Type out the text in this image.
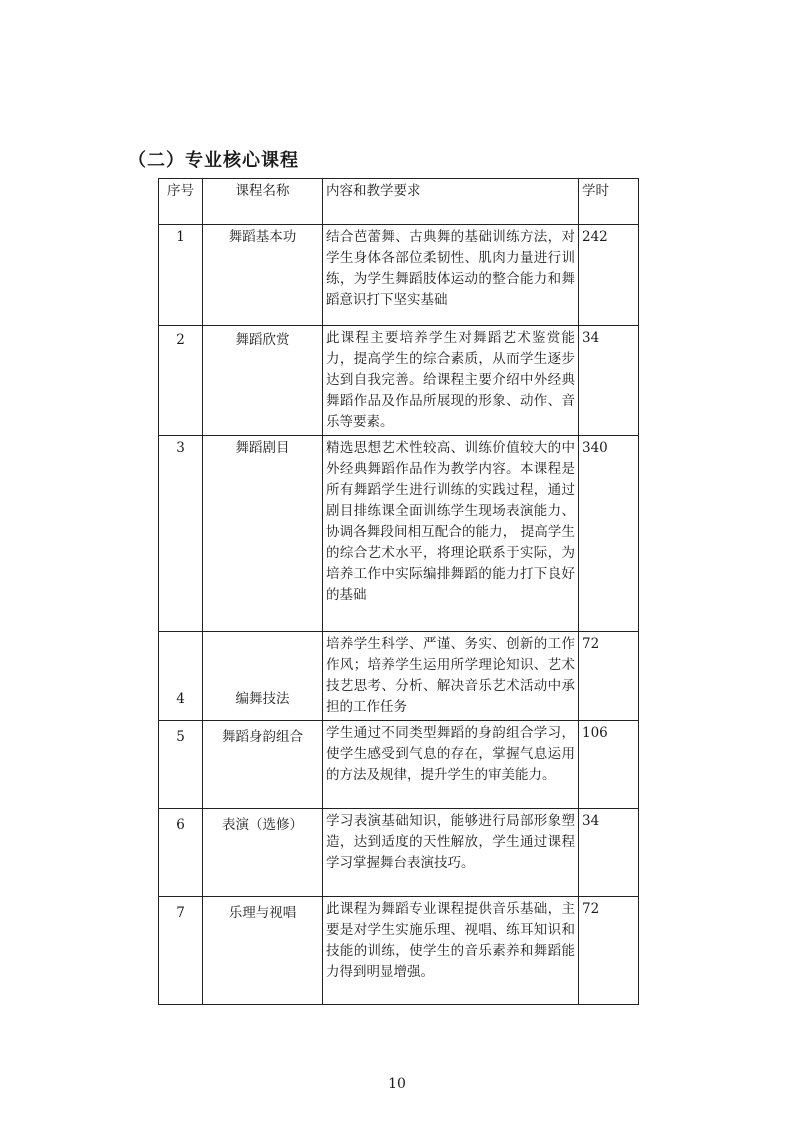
（二）专业核心课程
序号	课程名称	内容和教学要求	学时
1	舞蹈基本功	结合芭蕾舞、古典舞的基础训练方法，对学生身体各部位柔韧性、肌肉力量进行训练，为学生舞蹈肢体运动的整合能力和舞蹈意识打下坚实基础	242
2	舞蹈欣赏	此课程主要培养学生对舞蹈艺术鉴赏能力，提高学生的综合素质，从而学生逐步达到自我完善。给课程主要介绍中外经典舞蹈作品及作品所展现的形象、动作、音乐等要素。	34
3	舞蹈剧目	精选思想艺术性较高、训练价值较大的中外经典舞蹈作品作为教学内容。本课程是所有舞蹈学生进行训练的实践过程，通过剧目排练课全面训练学生现场表演能力、协调各舞段间相互配合的能力， 提高学生的综合艺术水平，将理论联系于实际，为培养工作中实际编排舞蹈的能力打下良好的基础	340
4	编舞技法	培养学生科学、严谨、务实、创新的工作作风；培养学生运用所学理论知识、艺术技艺思考、分析、解决音乐艺术活动中承担的工作任务	72
5	舞蹈身韵组合	学生通过不同类型舞蹈的身韵组合学习，使学生感受到气息的存在，掌握气息运用的方法及规律，提升学生的审美能力。	106
6	表演（选修）	学习表演基础知识，能够进行局部形象塑造，达到适度的天性解放，学生通过课程学习掌握舞台表演技巧。	34
7	乐理与视唱	此课程为舞蹈专业课程提供音乐基础，主要是对学生实施乐理、视唱、练耳知识和技能的训练，使学生的音乐素养和舞蹈能力得到明显增强。	72
10
